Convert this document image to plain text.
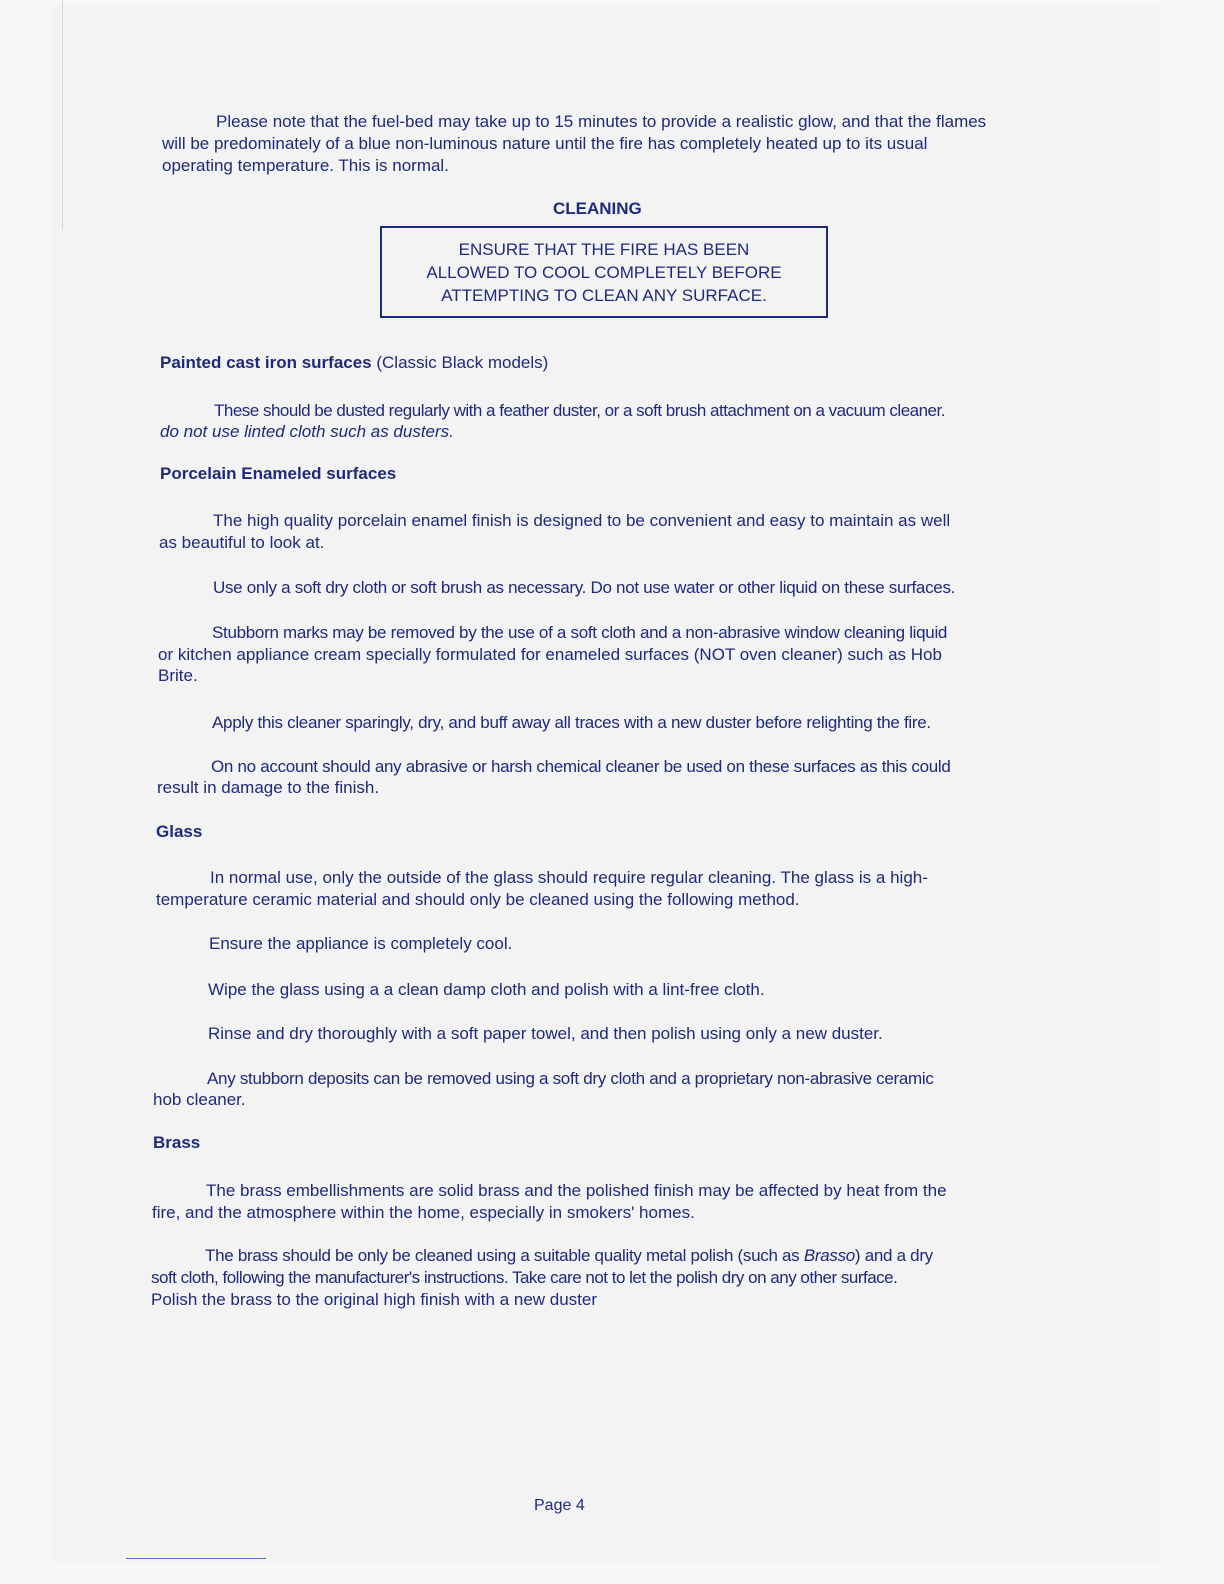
Please note that the fuel-bed may take up to 15 minutes to provide a realistic glow, and that the flames

will be predominately of a blue non-luminous nature until the fire has completely heated up to its usual

operating temperature. This is normal.

CLEANING

ENSURE THAT THE FIRE HAS BEEN
ALLOWED TO COOL COMPLETELY BEFORE
ATTEMPTING TO CLEAN ANY SURFACE.

Painted cast iron surfaces (Classic Black models)

These should be dusted regularly with a feather duster, or a soft brush attachment on a vacuum cleaner.

do not use linted cloth such as dusters.

Porcelain Enameled surfaces

The high quality porcelain enamel finish is designed to be convenient and easy to maintain as well

as beautiful to look at.

Use only a soft dry cloth or soft brush as necessary. Do not use water or other liquid on these surfaces.

Stubborn marks may be removed by the use of a soft cloth and a non-abrasive window cleaning liquid

or kitchen appliance cream specially formulated for enameled surfaces (NOT oven cleaner) such as Hob

Brite.

Apply this cleaner sparingly, dry, and buff away all traces with a new duster before relighting the fire.

On no account should any abrasive or harsh chemical cleaner be used on these surfaces as this could

result in damage to the finish.

Glass

In normal use, only the outside of the glass should require regular cleaning. The glass is a high-

temperature ceramic material and should only be cleaned using the following method.

Ensure the appliance is completely cool.

Wipe the glass using a a clean damp cloth and polish with a lint-free cloth.

Rinse and dry thoroughly with a soft paper towel, and then polish using only a new duster.

Any stubborn deposits can be removed using a soft dry cloth and a proprietary non-abrasive ceramic

hob cleaner.

Brass

The brass embellishments are solid brass and the polished finish may be affected by heat from the

fire, and the atmosphere within the home, especially in smokers' homes.

The brass should be only be cleaned using a suitable quality metal polish (such as Brasso) and a dry

soft cloth, following the manufacturer's instructions. Take care not to let the polish dry on any other surface.

Polish the brass to the original high finish with a new duster

Page 4
